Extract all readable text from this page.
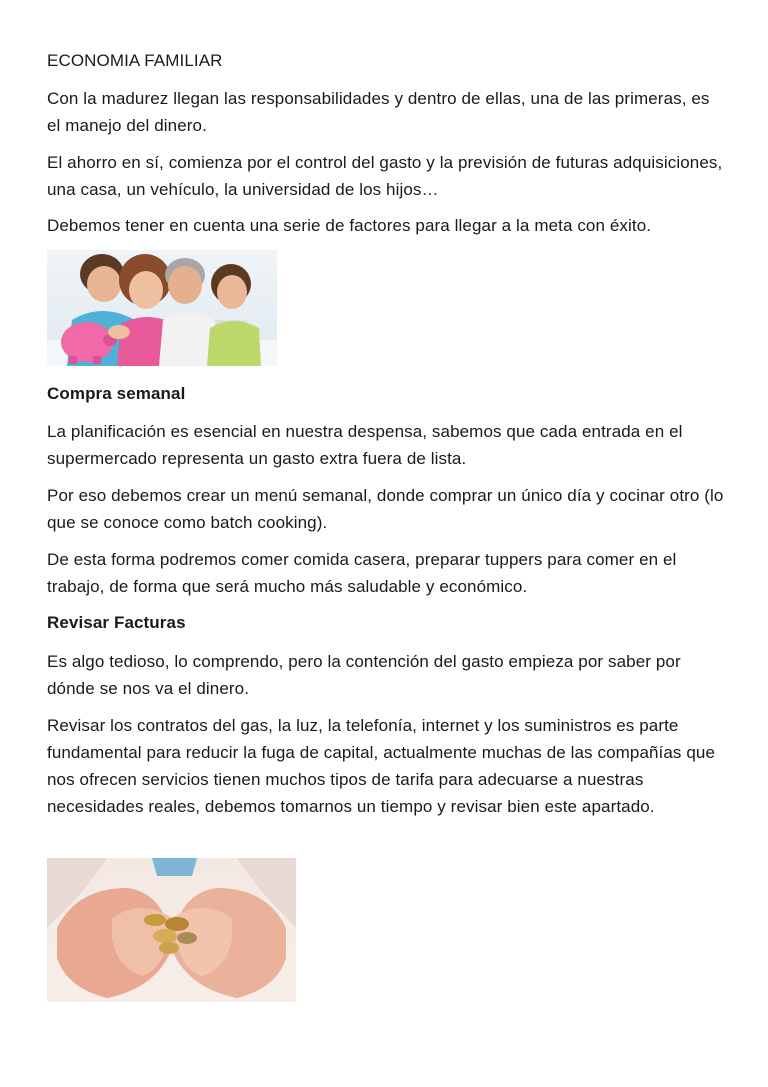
ECONOMIA FAMILIAR

Con la madurez llegan las responsabilidades y dentro de ellas, una de las primeras, es el manejo del dinero.

El ahorro en sí, comienza por el control del gasto y la previsión de futuras adquisiciones, una casa, un vehículo, la universidad de los hijos…

Debemos tener en cuenta una serie de factores para llegar a la meta con éxito.

Compra semanal

La planificación es esencial en nuestra despensa, sabemos que cada entrada en el supermercado representa un gasto extra fuera de lista.

Por eso debemos crear un menú semanal, donde comprar un único día y cocinar otro (lo que se conoce como batch cooking).

De esta forma podremos comer comida casera, preparar tuppers para comer en el trabajo, de forma que será mucho más saludable y económico.

Revisar Facturas

Es algo tedioso, lo comprendo, pero la contención del gasto empieza por saber por dónde se nos va el dinero.

Revisar los contratos del gas, la luz, la telefonía, internet y los suministros es parte fundamental para reducir la fuga de capital, actualmente muchas de las compañías que nos ofrecen servicios tienen muchos tipos de tarifa para adecuarse a nuestras necesidades reales, debemos tomarnos un tiempo y revisar bien este apartado.
